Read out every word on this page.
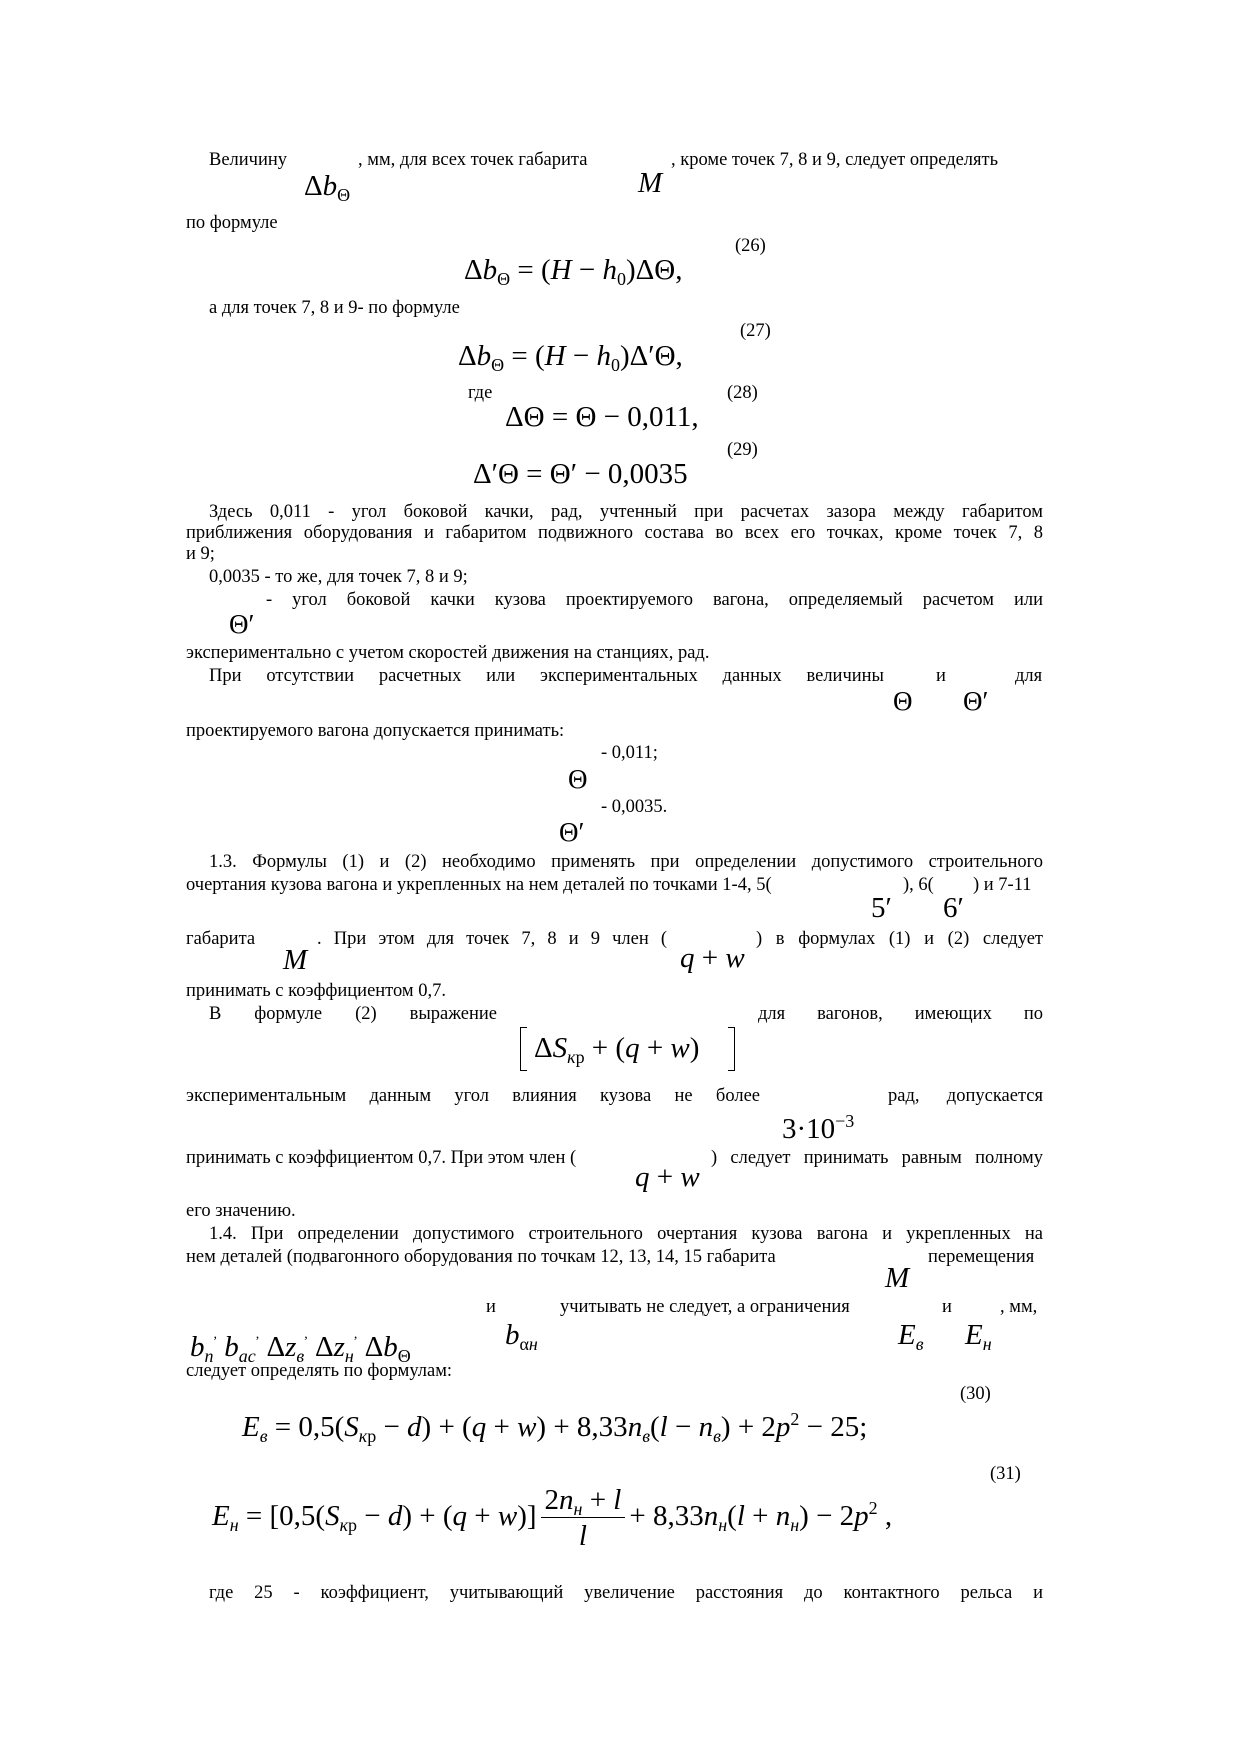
Величину
$\Delta b_\Theta$
, мм, для всех точек габарита
M
, кроме точек 7, 8 и 9, следует определять
по формуле
(26)
$\Delta b_\Theta = (H - h_0)\Delta\Theta$,
а для точек 7, 8 и 9- по формуле
(27)
$\Delta b_\Theta = (H - h_0)\Delta'\Theta$,
где	(28)
ΔΘ = Θ − 0,011,
(29)
Δ′Θ = Θ′ − 0,0035
Здесь 0,011 - угол боковой качки, рад, учтенный при расчетах зазора между габаритом
приближения оборудования и габаритом подвижного состава во всех его точках, кроме точек 7, 8
и 9;
0,0035 - то же, для точек 7, 8 и 9;
Θ′
- угол боковой качки кузова проектируемого вагона, определяемый расчетом или
экспериментально с учетом скоростей движения на станциях, рад.
При отсутствии расчетных или экспериментальных данных величины
Θ
и
Θ′
для
проектируемого вагона допускается принимать:
- 0,011;
Θ
- 0,0035.
Θ′
1.3. Формулы (1) и (2) необходимо применять при определении допустимого строительного
очертания кузова вагона и укрепленных на нем деталей по точками 1-4, 5(
5′
), 6(
6′
) и 7-11
габарита
M
. При этом для точек 7, 8 и 9 член (
q + w
) в формулах (1) и (2) следует
принимать с коэффициентом 0,7.
В формуле (2) выражение
$\Delta S_{кр} + (q + w)$
для вагонов, имеющих по
экспериментальным данным угол влияния кузова не более
$3\cdot 10^{-3}$
рад, допускается
принимать с коэффициентом 0,7. При этом член (
q + w
) следует принимать равным полному
его значению.
1.4. При определении допустимого строительного очертания кузова вагона и укрепленных на
нем деталей (подвагонного оборудования по точкам 12, 13, 14, 15 габарита
M
перемещения
$b_п^,$ $b_{ас}^,$ $\Delta z_в^,$ $\Delta z_н^,$ $\Delta b_\Theta$
и
$b_{\alpha н}$
учитывать не следует, а ограничения
$E_в$
и
$E_н$
, мм,
следует определять по формулам:
(30)
$E_в = 0,5(S_{кр} - d) + (q + w) + 8,33n_в(l - n_в) + 2p^2 - 25$;
(31)
$E_н = [0,5(S_{кр} - d) + (q + w)] \frac{2n_н + l}{l} + 8,33n_н(l + n_н) - 2p^2$ ,
где 25 - коэффициент, учитывающий увеличение расстояния до контактного рельса и
